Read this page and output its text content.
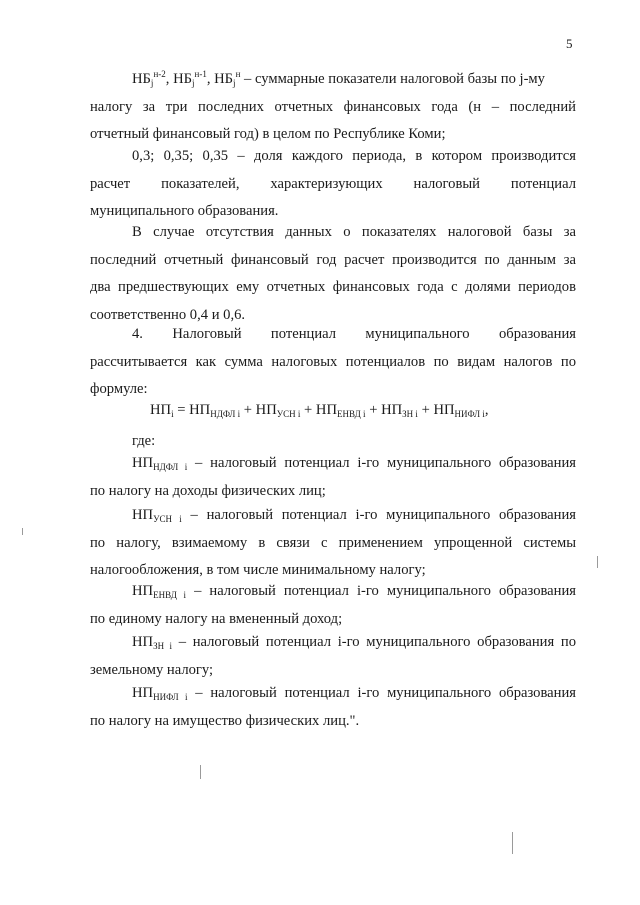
5
$НБ_j^{н-2}$, $НБ_j^{н-1}$, $НБ_j^н$ – суммарные показатели налоговой базы по j-му
налогу за три последних отчетных финансовых года (н – последний
отчетный финансовый год) в целом по Республике Коми;
0,3; 0,35; 0,35 – доля каждого периода, в котором производится
расчет показателей, характеризующих налоговый потенциал
муниципального образования.
В случае отсутствия данных о показателях налоговой базы за
последний отчетный финансовый год расчет производится по данным за
два предшествующих ему отчетных финансовых года с долями периодов
соответственно 0,4 и 0,6.
4. Налоговый потенциал муниципального образования
рассчитывается как сумма налоговых потенциалов по видам налогов по
формуле:
$НП_i = НП_{НДФЛ i} + НП_{УСН i} + НП_{ЕНВД i} + НП_{ЗН i} + НП_{НИФЛ i}$,
где:
$НП_{НДФЛ i}$ – налоговый потенциал i-го муниципального образования
по налогу на доходы физических лиц;
$НП_{УСН i}$ – налоговый потенциал i-го муниципального образования
по налогу, взимаемому в связи с применением упрощенной системы
налогообложения, в том числе минимальному налогу;
$НП_{ЕНВД i}$ – налоговый потенциал i-го муниципального образования
по единому налогу на вмененный доход;
$НП_{ЗН i}$ – налоговый потенциал i-го муниципального образования по
земельному налогу;
$НП_{НИФЛ i}$ – налоговый потенциал i-го муниципального образования
по налогу на имущество физических лиц.".
